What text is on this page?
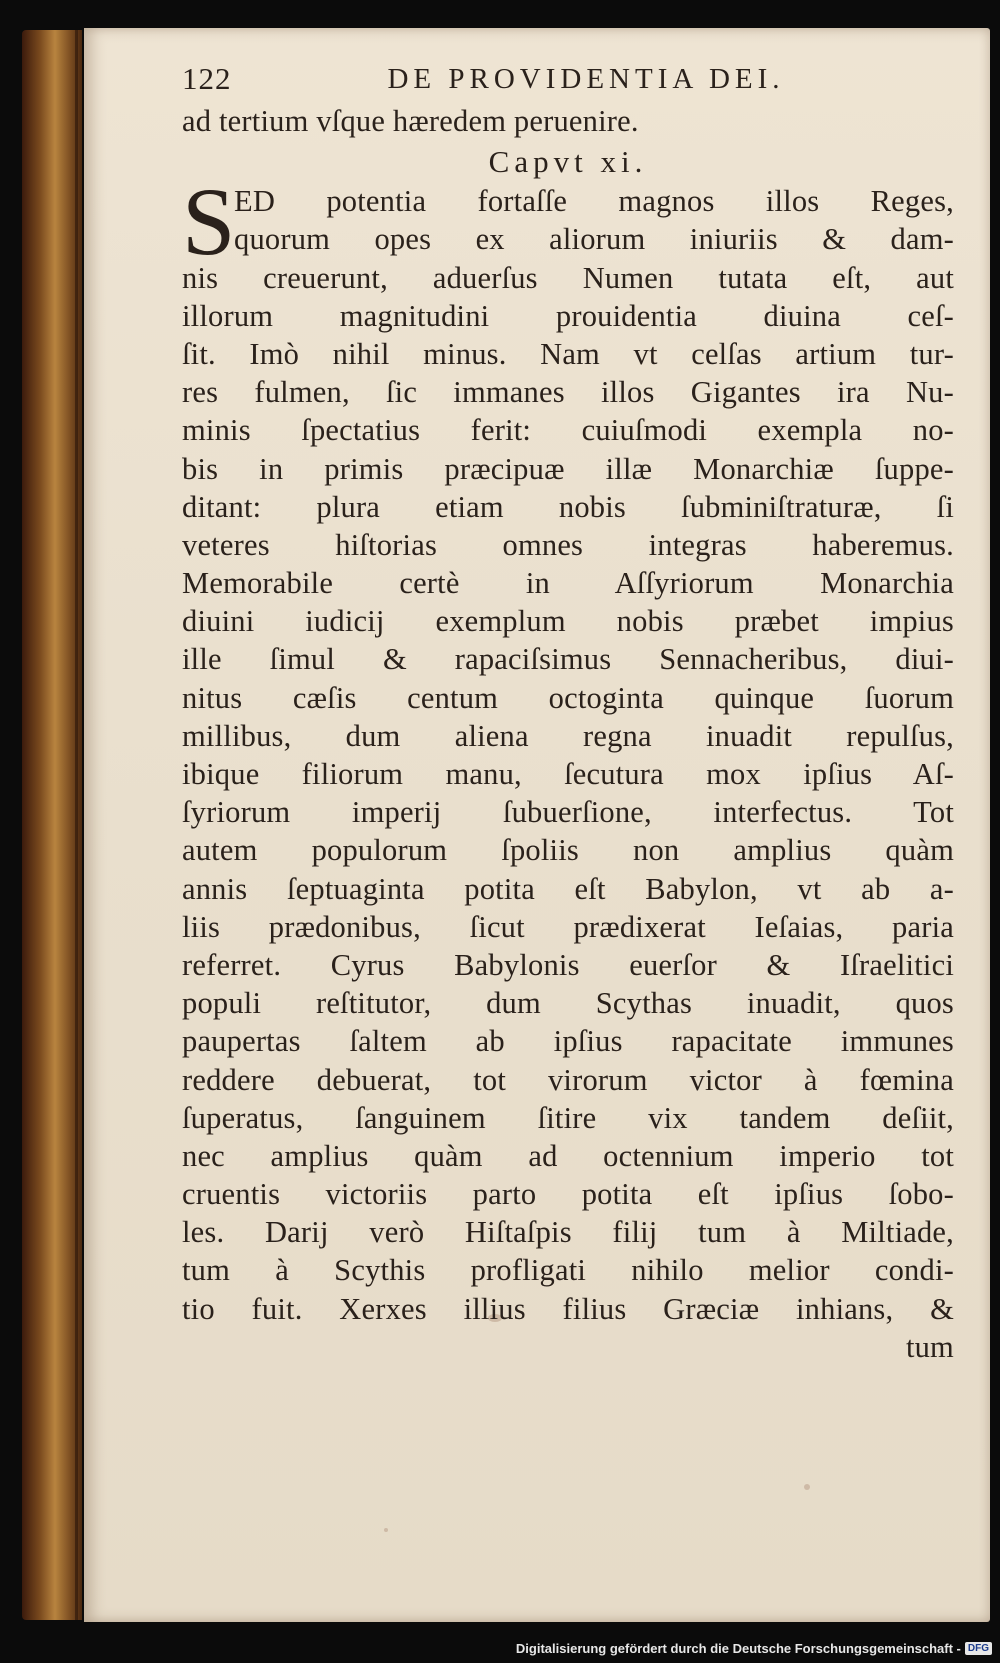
122	DE PROVIDENTIA DEI.
ad tertium vſque hæredem peruenire.
Capvt xi.
S
ED potentia fortaſſe magnos illos Reges,
quorum opes ex aliorum iniuriis & dam-
nis creuerunt, aduerſus Numen tutata eſt, aut
illorum magnitudini prouidentia diuina ceſ-
ſit. Imò nihil minus. Nam vt celſas artium tur-
res fulmen, ſic immanes illos Gigantes ira Nu-
minis ſpectatius ferit: cuiuſmodi exempla no-
bis in primis præcipuæ illæ Monarchiæ ſuppe-
ditant: plura etiam nobis ſubminiſtraturæ, ſi
veteres hiſtorias omnes integras haberemus.
Memorabile certè in Aſſyriorum Monarchia
diuini iudicij exemplum nobis præbet impius
ille ſimul & rapaciſsimus Sennacheribus, diui-
nitus cæſis centum octoginta quinque ſuorum
millibus, dum aliena regna inuadit repulſus,
ibique filiorum manu, ſecutura mox ipſius Aſ-
ſyriorum imperij ſubuerſione, interfectus. Tot
autem populorum ſpoliis non amplius quàm
annis ſeptuaginta potita eſt Babylon, vt ab a-
liis prædonibus, ſicut prædixerat Ieſaias, paria
referret. Cyrus Babylonis euerſor & Iſraelitici
populi reſtitutor, dum Scythas inuadit, quos
paupertas ſaltem ab ipſius rapacitate immunes
reddere debuerat, tot virorum victor à fœmina
ſuperatus, ſanguinem ſitire vix tandem deſiit,
nec amplius quàm ad octennium imperio tot
cruentis victoriis parto potita eſt ipſius ſobo-
les. Darij verò Hiſtaſpis filij tum à Miltiade,
tum à Scythis profligati nihilo melior condi-
tio fuit. Xerxes illius filius Græciæ inhians, &
tum
Digitalisierung gefördert durch die Deutsche Forschungsgemeinschaft - DFG
